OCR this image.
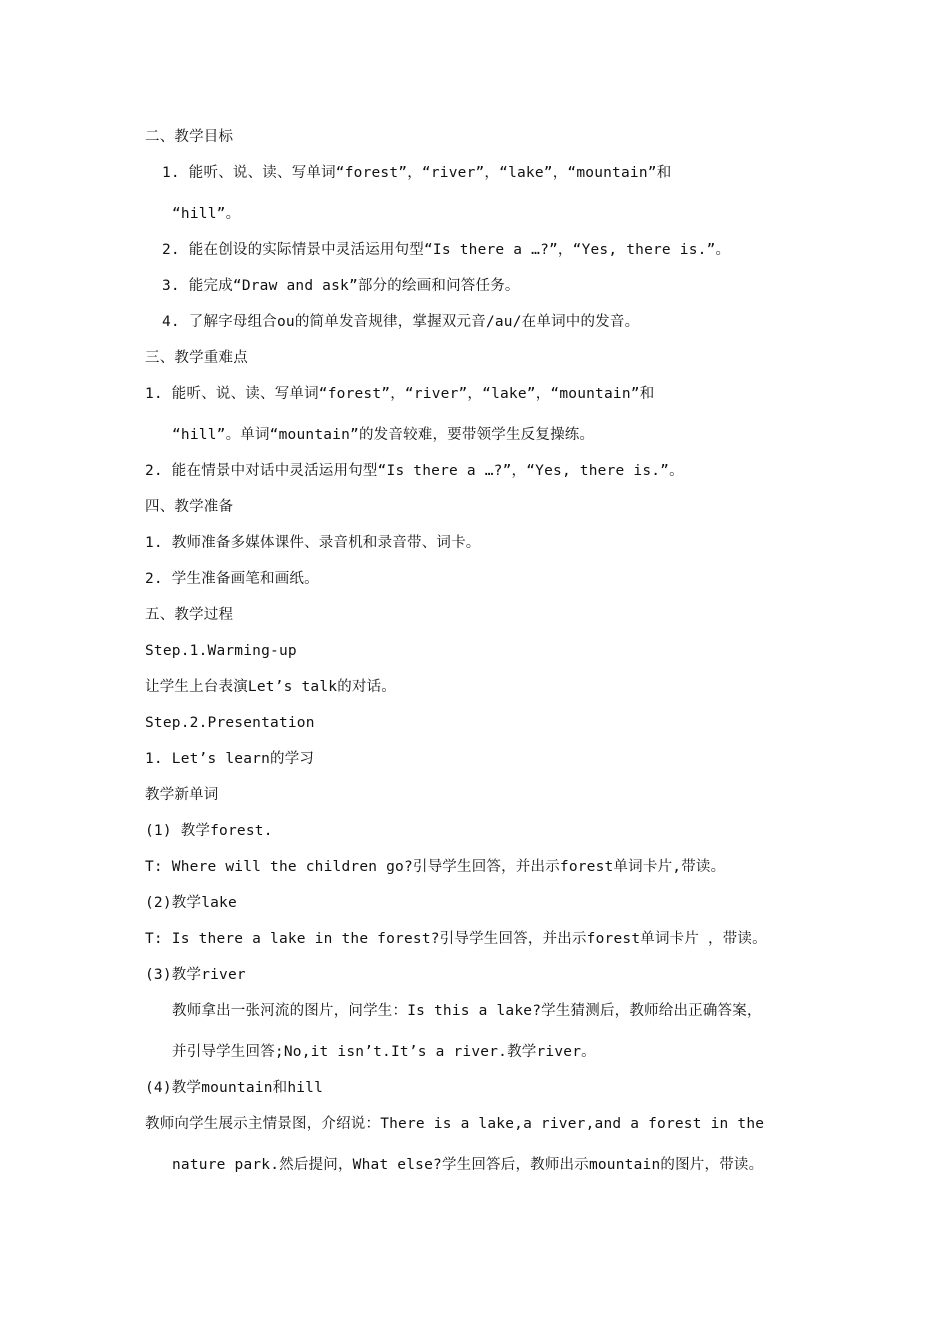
二、教学目标
1. 能听、说、读、写单词“forest”，“river”，“lake”，“mountain”和
“hill”。
2. 能在创设的实际情景中灵活运用句型“Is there a …?”，“Yes, there is.”。
3. 能完成“Draw and ask”部分的绘画和问答任务。
4. 了解字母组合ou的简单发音规律，掌握双元音/au/在单词中的发音。
三、教学重难点
1. 能听、说、读、写单词“forest”，“river”，“lake”，“mountain”和
“hill”。单词“mountain”的发音较难，要带领学生反复操练。
2. 能在情景中对话中灵活运用句型“Is there a …?”，“Yes, there is.”。
四、教学准备
1. 教师准备多媒体课件、录音机和录音带、词卡。
2. 学生准备画笔和画纸。
五、教学过程
Step.1.Warming-up
让学生上台表演Let’s talk的对话。
Step.2.Presentation
1. Let’s learn的学习
教学新单词
(1) 教学forest.
T: Where will the children go?引导学生回答，并出示forest单词卡片,带读。
(2)教学lake
T: Is there a lake in the forest?引导学生回答，并出示forest单词卡片 ，带读。
(3)教学river
教师拿出一张河流的图片，问学生：Is this a lake?学生猜测后，教师给出正确答案，
并引导学生回答;No,it isn’t.It’s a river.教学river。
(4)教学mountain和hill
教师向学生展示主情景图，介绍说：There is a lake,a river,and a forest in the
nature park.然后提问，What else?学生回答后，教师出示mountain的图片，带读。
